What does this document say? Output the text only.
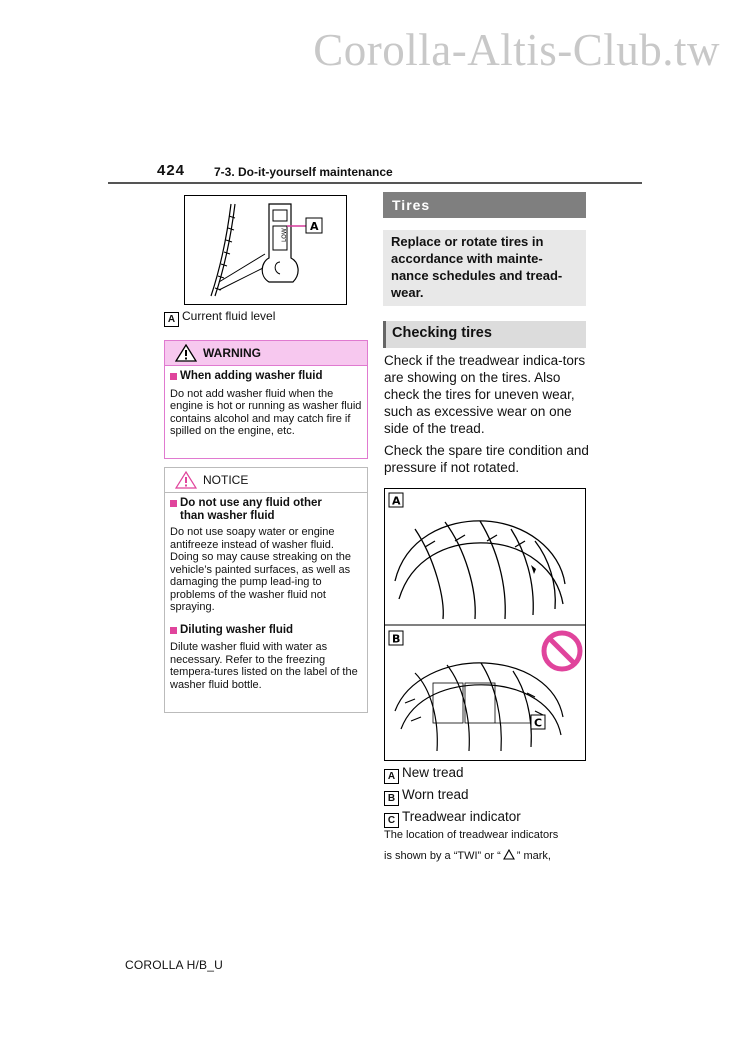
Corolla-Altis-Club.tw
424 7-3. Do-it-yourself maintenance
LOW
A
A Current fluid level
WARNING
When adding washer fluid
Do not add washer fluid when the engine is hot or running as washer fluid contains alcohol and may catch fire if spilled on the engine, etc.
NOTICE
Do not use any fluid other
than washer fluid
Do not use soapy water or engine antifreeze instead of washer fluid. Doing so may cause streaking on the vehicle’s painted surfaces, as well as damaging the pump lead-ing to problems of the washer fluid not spraying.
Diluting washer fluid
Dilute washer fluid with water as necessary. Refer to the freezing tempera-tures listed on the label of the washer fluid bottle.
Tires
Replace or rotate tires in accordance with mainte-nance schedules and tread-wear.
Checking tires
Check if the treadwear indica-tors are showing on the tires. Also check the tires for uneven wear, such as excessive wear on one side of the tread.
Check the spare tire condition and pressure if not rotated.
A
B
C
A New tread
B Worn tread
C Treadwear indicator
The location of treadwear indicators
is shown by a “TWI” or “ ” mark,
COROLLA H/B_U
